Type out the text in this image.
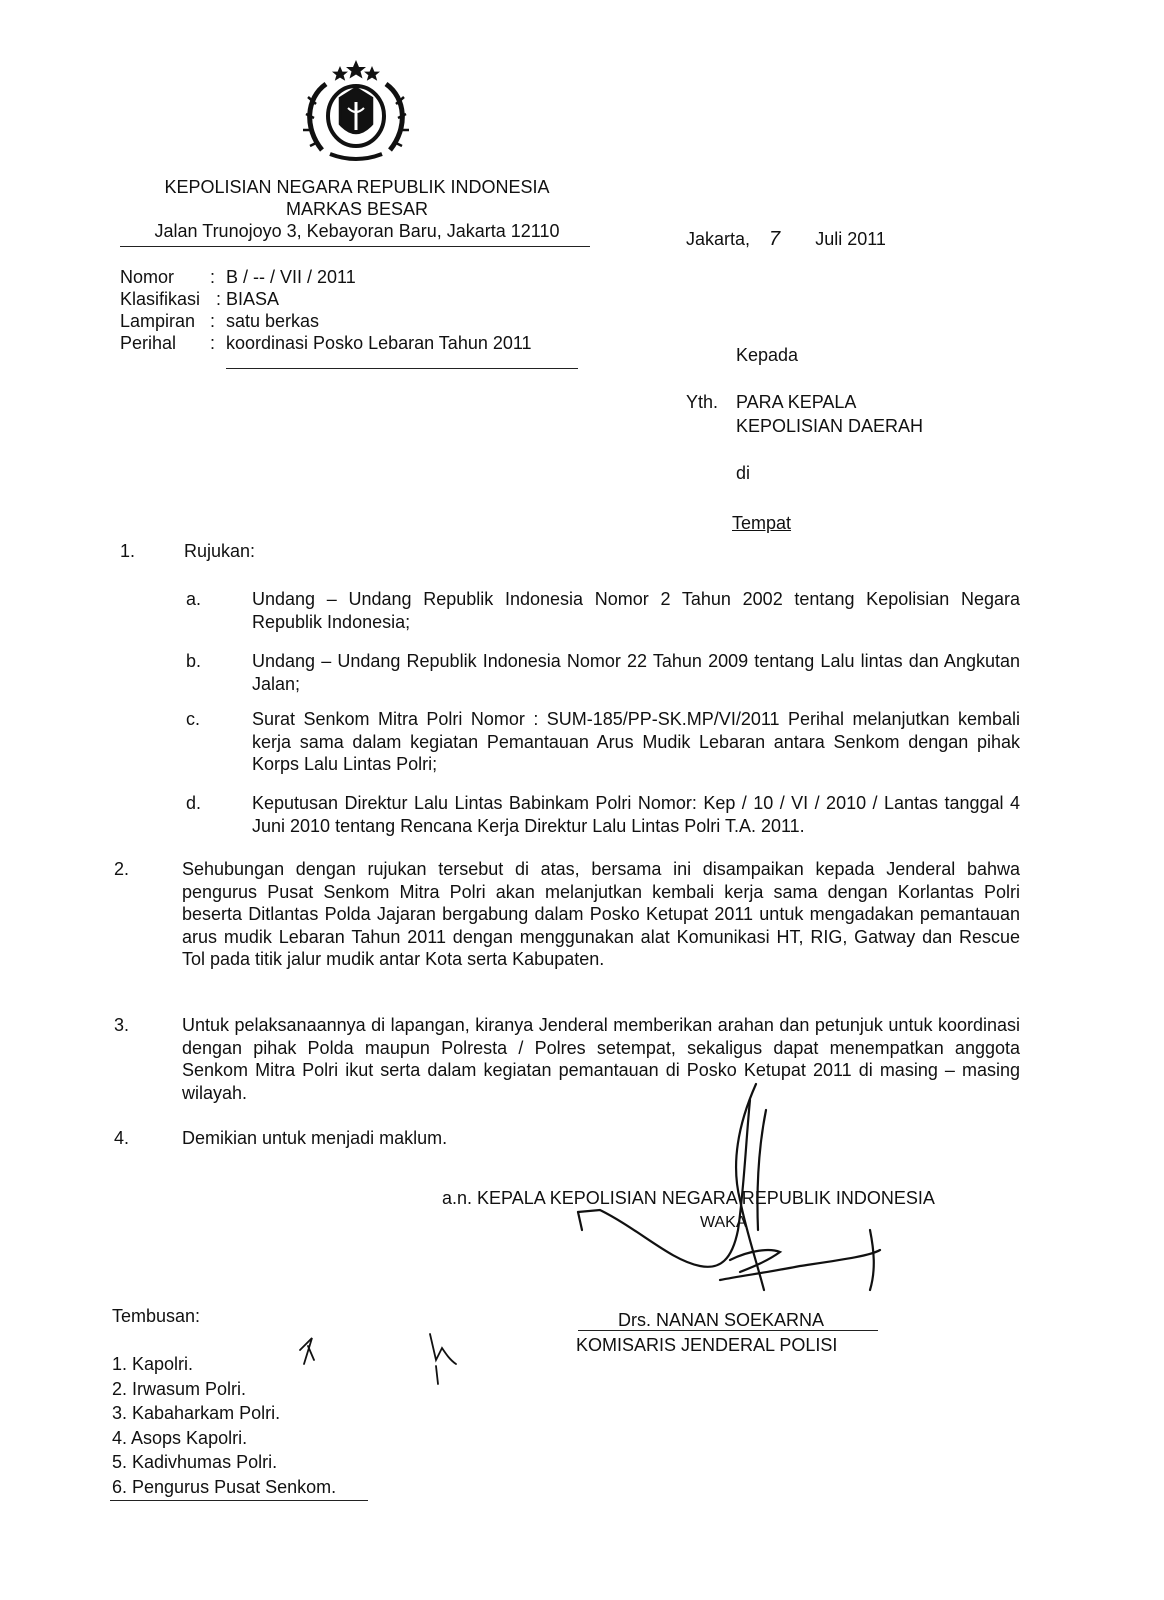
KEPOLISIAN NEGARA REPUBLIK INDONESIA
MARKAS BESAR
Jalan Trunojoyo 3, Kebayoran Baru, Jakarta 12110	Jakarta, 7 Juli 2011
Nomor	: B / -- / VII / 2011
Klasifikasi : BIASA
Lampiran : satu berkas
Perihal	: koordinasi Posko Lebaran Tahun 2011
Kepada
Yth. PARA KEPALA
KEPOLISIAN DAERAH
di
Tempat
1.	Rujukan:
a.	Undang – Undang Republik Indonesia Nomor 2 Tahun 2002 tentang Kepolisian Negara Republik Indonesia;
b.	Undang – Undang Republik Indonesia Nomor 22 Tahun 2009 tentang Lalu lintas dan Angkutan Jalan;
c.	Surat Senkom Mitra Polri Nomor : SUM-185/PP-SK.MP/VI/2011 Perihal melanjutkan kembali kerja sama dalam kegiatan Pemantauan Arus Mudik Lebaran antara Senkom dengan pihak Korps Lalu Lintas Polri;
d.	Keputusan Direktur Lalu Lintas Babinkam Polri Nomor: Kep / 10 / VI / 2010 / Lantas tanggal 4 Juni 2010 tentang Rencana Kerja Direktur Lalu Lintas Polri T.A. 2011.
2.	Sehubungan dengan rujukan tersebut di atas, bersama ini disampaikan kepada Jenderal bahwa pengurus Pusat Senkom Mitra Polri akan melanjutkan kembali kerja sama dengan Korlantas Polri beserta Ditlantas Polda Jajaran bergabung dalam Posko Ketupat 2011 untuk mengadakan pemantauan arus mudik Lebaran Tahun 2011 dengan menggunakan alat Komunikasi HT, RIG, Gatway dan Rescue Tol pada titik jalur mudik antar Kota serta Kabupaten.
3.	Untuk pelaksanaannya di lapangan, kiranya Jenderal memberikan arahan dan petunjuk untuk koordinasi dengan pihak Polda maupun Polresta / Polres setempat, sekaligus dapat menempatkan anggota Senkom Mitra Polri ikut serta dalam kegiatan pemantauan di Posko Ketupat 2011 di masing – masing wilayah.
4.	Demikian untuk menjadi maklum.
a.n. KEPALA KEPOLISIAN NEGARA REPUBLIK INDONESIA
WAKA
Drs. NANAN SOEKARNA
KOMISARIS JENDERAL POLISI
Tembusan:
1. Kapolri.
2. Irwasum Polri.
3. Kabaharkam Polri.
4. Asops Kapolri.
5. Kadivhumas Polri.
6. Pengurus Pusat Senkom.
